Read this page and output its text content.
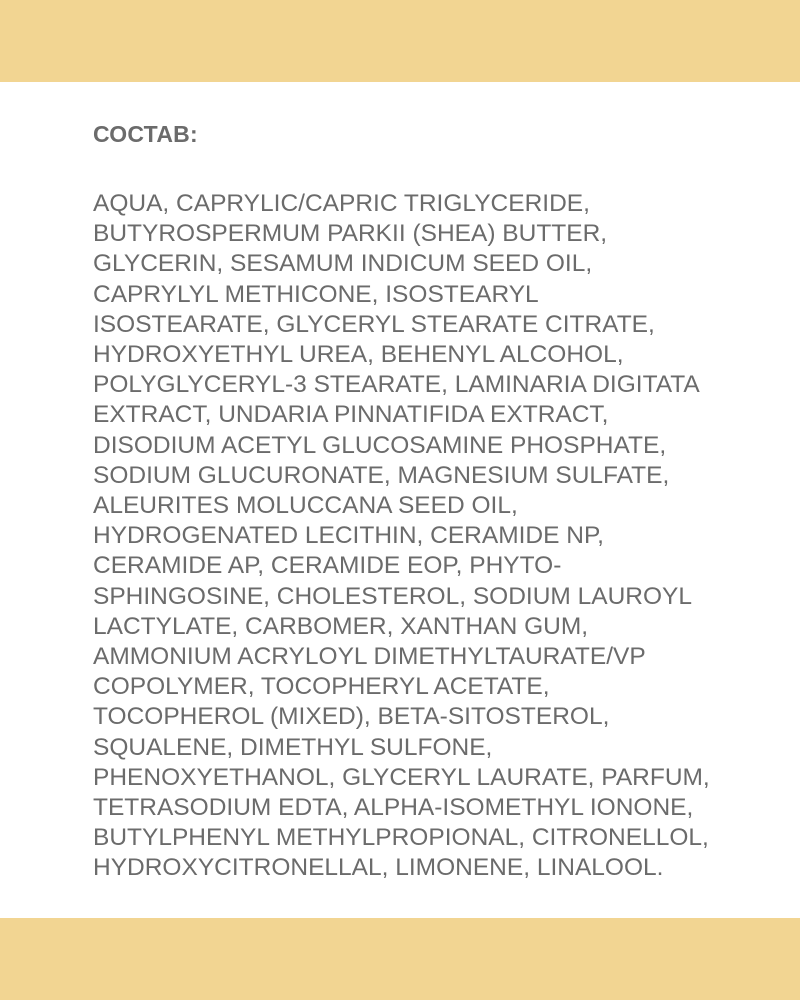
СОСТАВ:
AQUA, CAPRYLIC/CAPRIC TRIGLYCERIDE,
BUTYROSPERMUM PARKII (SHEA) BUTTER,
GLYCERIN, SESAMUM INDICUM SEED OIL,
CAPRYLYL METHICONE, ISOSTEARYL
ISOSTEARATE, GLYCERYL STEARATE CITRATE,
HYDROXYETHYL UREA, BEHENYL ALCOHOL,
POLYGLYCERYL-3 STEARATE, LAMINARIA DIGITATA
EXTRACT, UNDARIA PINNATIFIDA EXTRACT,
DISODIUM ACETYL GLUCOSAMINE PHOSPHATE,
SODIUM GLUCURONATE, MAGNESIUM SULFATE,
ALEURITES MOLUCCANA SEED OIL,
HYDROGENATED LECITHIN, CERAMIDE NP,
CERAMIDE AP, CERAMIDE EOP, PHYTO-
SPHINGOSINE, CHOLESTEROL, SODIUM LAUROYL
LACTYLATE, CARBOMER, XANTHAN GUM,
AMMONIUM ACRYLOYL DIMETHYLTAURATE/VP
COPOLYMER, TOCOPHERYL ACETATE,
TOCOPHEROL (MIXED), BETA-SITOSTEROL,
SQUALENE, DIMETHYL SULFONE,
PHENOXYETHANOL, GLYCERYL LAURATE, PARFUM,
TETRASODIUM EDTA, ALPHA-ISOMETHYL IONONE,
BUTYLPHENYL METHYLPROPIONAL, CITRONELLOL,
HYDROXYCITRONELLAL, LIMONENE, LINALOOL.
